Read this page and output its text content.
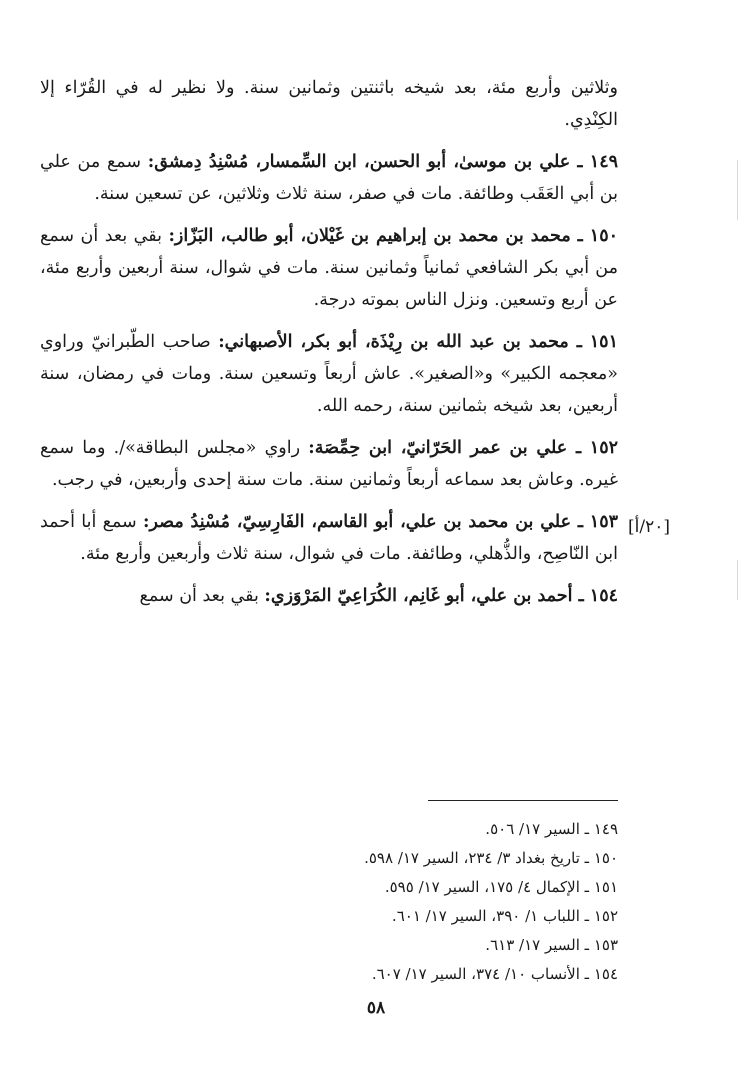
وثلاثين وأربع مئة، بعد شيخه باثنتين وثمانين سنة. ولا نظير له في القُرّاء إلا الكِنْدِي.

١٤٩ ـ علي بن موسىٰ، أبو الحسن، ابن السِّمسار، مُسْنِدُ دِمشق: سمع من علي بن أبي العَقَب وطائفة. مات في صفر، سنة ثلاث وثلاثين، عن تسعين سنة.

١٥٠ ـ محمد بن محمد بن إبراهيم بن غَيْلان، أبو طالب، البَزّاز: بقي بعد أن سمع من أبي بكر الشافعي ثمانياً وثمانين سنة. مات في شوال، سنة أربعين وأربع مئة، عن أربع وتسعين. ونزل الناس بموته درجة.

١٥١ ـ محمد بن عبد الله بن رِيْذَة، أبو بكر، الأصبهاني: صاحب الطّبرانيّ وراوي «معجمه الكبير» و«الصغير». عاش أربعاً وتسعين سنة. ومات في رمضان، سنة أربعين، بعد شيخه بثمانين سنة، رحمه الله.

١٥٢ ـ علي بن عمر الحَرّانيّ، ابن حِمِّصَة: راوي «مجلس البطاقة»/. وما سمع غيره. وعاش بعد سماعه أربعاً وثمانين سنة. مات سنة إحدى وأربعين، في رجب.

١٥٣ ـ علي بن محمد بن علي، أبو القاسم، الفَارِسِيّ، مُسْنِدُ مصر: سمع أبا أحمد ابن النّاصِح، والذُّهلي، وطائفة. مات في شوال، سنة ثلاث وأربعين وأربع مئة.

١٥٤ ـ أحمد بن علي، أبو غَانِم، الكُرَاعِيّ المَرْوَزي: بقي بعد أن سمع

[٢٠/أ]
١٤٩ ـ السير ١٧/ ٥٠٦.
١٥٠ ـ تاريخ بغداد ٣/ ٢٣٤، السير ١٧/ ٥٩٨.
١٥١ ـ الإكمال ٤/ ١٧٥، السير ١٧/ ٥٩٥.
١٥٢ ـ اللباب ١/ ٣٩٠، السير ١٧/ ٦٠١.
١٥٣ ـ السير ١٧/ ٦١٣.
١٥٤ ـ الأنساب ١٠/ ٣٧٤، السير ١٧/ ٦٠٧.
٥٨
